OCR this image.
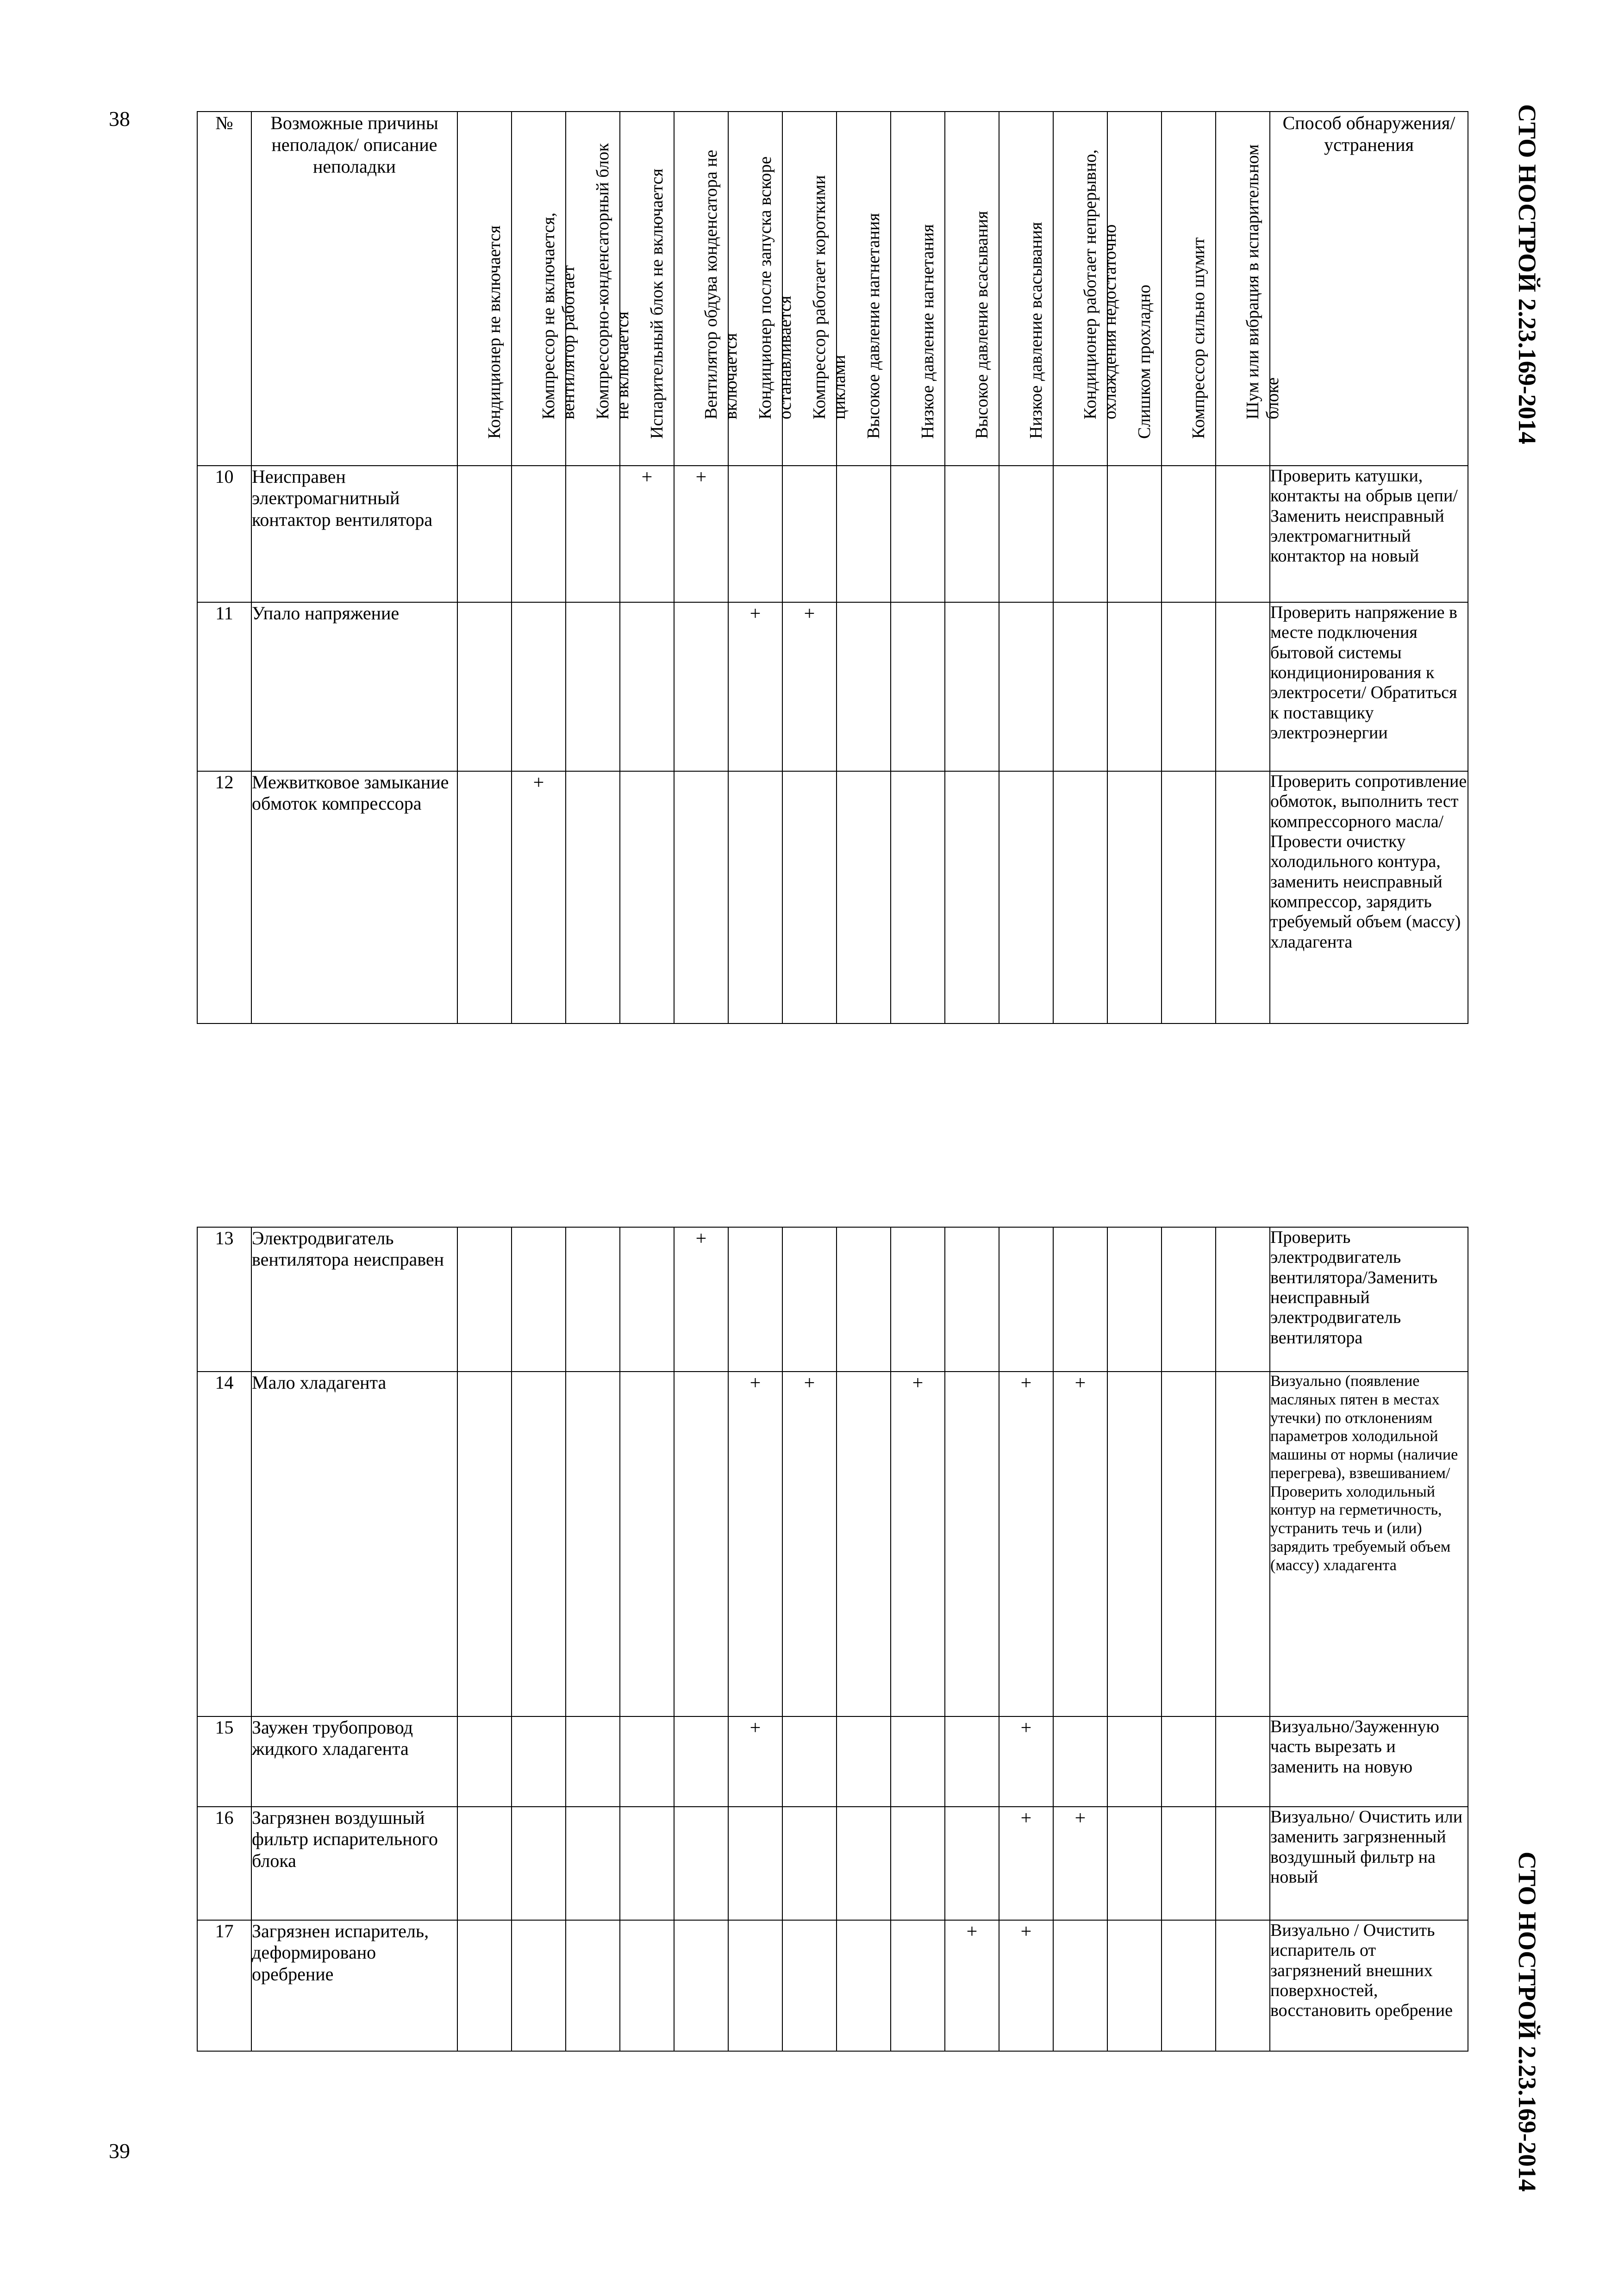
38
39
СТО НОСТРОЙ 2.23.169-2014
СТО НОСТРОЙ 2.23.169-2014
№	Возможные причины неполадок/ описание неполадки	Кондиционер не включается	Компрессор не включается, вентилятор работает	Компрессорно-конденсаторный блок не включается	Испарительный блок не включается	Вентилятор обдува конденсатора не включается	Кондиционер после запуска вскоре останавливается	Компрессор работает короткими циклами	Высокое давление нагнетания	Низкое давление нагнетания	Высокое давление всасывания	Низкое давление всасывания	Кондиционер работает непрерывно, охлаждения недостаточно	Слишком прохладно	Компрессор сильно шумит	Шум или вибрация в испарительном блоке	Способ обнаружения/ устранения
10	Неисправен электромагнитный контактор вентилятора				+	+											Проверить катушки, контакты на обрыв цепи/Заменить неисправный электромагнитный контактор на новый
11	Упало напряжение						+	+									Проверить напряжение в месте подключения бытовой системы кондиционирования к электросети/ Обратиться к поставщику электроэнергии
12	Межвитковое замыкание обмоток компрессора		+														Проверить сопротивление обмоток, выполнить тест компрессорного масла/ Провести очистку холодильного контура, заменить неисправный компрессор, зарядить требуемый объем (массу) хладагента
13	Электродвигатель вентилятора неисправен					+											Проверить электродвигатель вентилятора/Заменить неисправный электродвигатель вентилятора
14	Мало хладагента						+	+		+		+	+				Визуально (появление масляных пятен в местах утечки) по отклонениям параметров холодильной машины от нормы (наличие перегрева), взвешиванием/ Проверить холодильный контур на герметичность, устранить течь и (или) зарядить требуемый объем (массу) хладагента
15	Заужен трубопровод жидкого хладагента						+					+					Визуально/Зауженную часть вырезать и заменить на новую
16	Загрязнен воздушный фильтр испарительного блока											+	+				Визуально/ Очистить или заменить загрязненный воздушный фильтр на новый
17	Загрязнен испаритель, деформировано оребрение										+	+					Визуально / Очистить испаритель от загрязнений внешних поверхностей, восстановить оребрение
